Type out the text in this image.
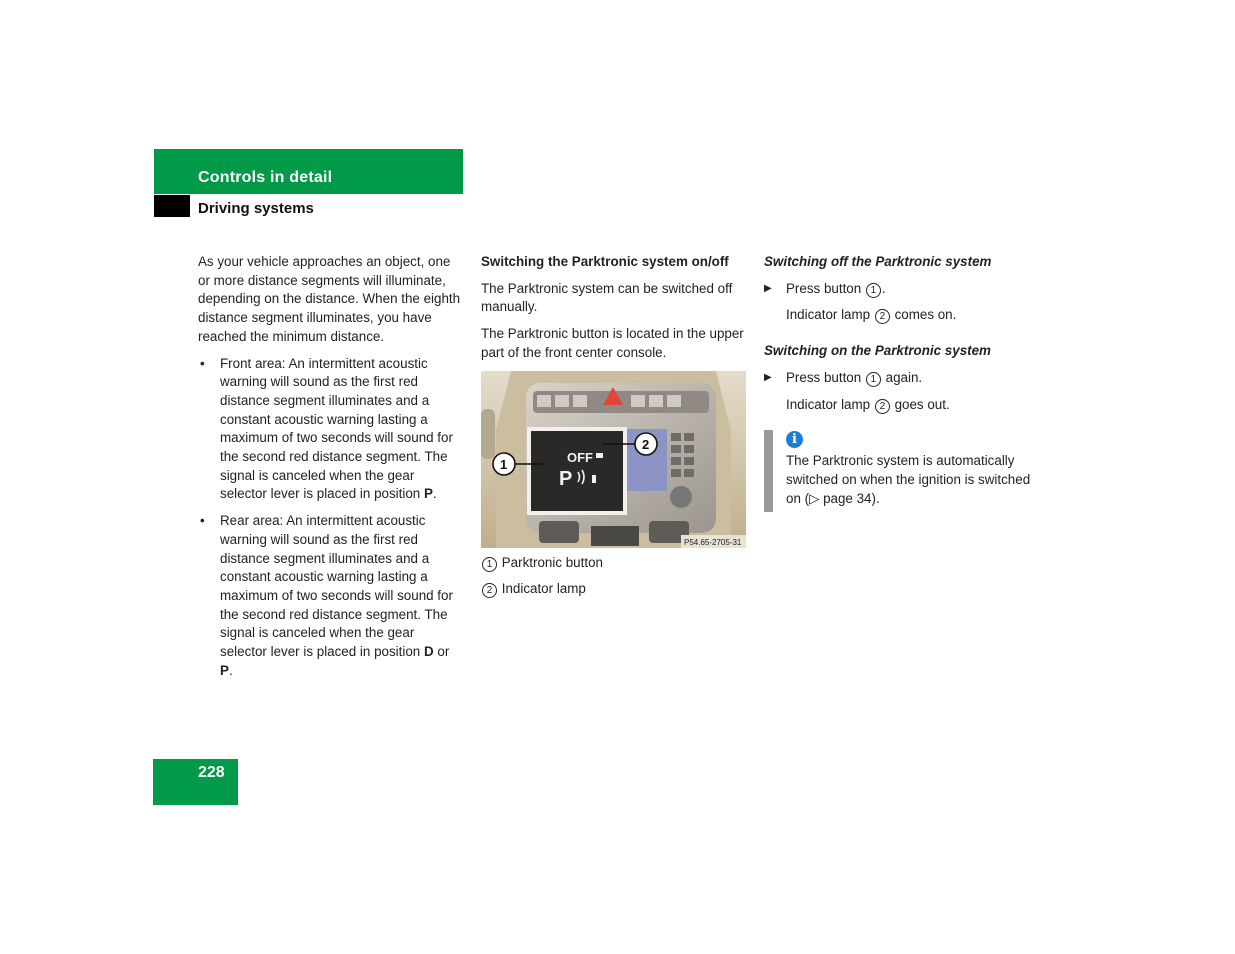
Controls in detail
Driving systems

As your vehicle approaches an object, one or more distance segments will illuminate, depending on the distance. When the eighth distance segment illuminates, you have reached the minimum distance.

• Front area: An intermittent acoustic warning will sound as the first red distance segment illuminates and a constant acoustic warning lasting a maximum of two seconds will sound for the second red distance segment. The signal is canceled when the gear selector lever is placed in position P.
• Rear area: An intermittent acoustic warning will sound as the first red distance segment illuminates and a constant acoustic warning lasting a maximum of two seconds will sound for the second red distance segment. The signal is canceled when the gear selector lever is placed in position D or P.

Switching the Parktronic system on/off

The Parktronic system can be switched off manually.

The Parktronic button is located in the upper part of the front center console.

OFF
P
1
2
P54.65-2705-31

1 Parktronic button

2 Indicator lamp

Switching off the Parktronic system

▶ Press button 1 .
Indicator lamp 2 comes on.

Switching on the Parktronic system

▶ Press button 1 again.
Indicator lamp 2 goes out.
i
The Parktronic system is automatically switched on when the ignition is switched on (▷ page 34).
228
